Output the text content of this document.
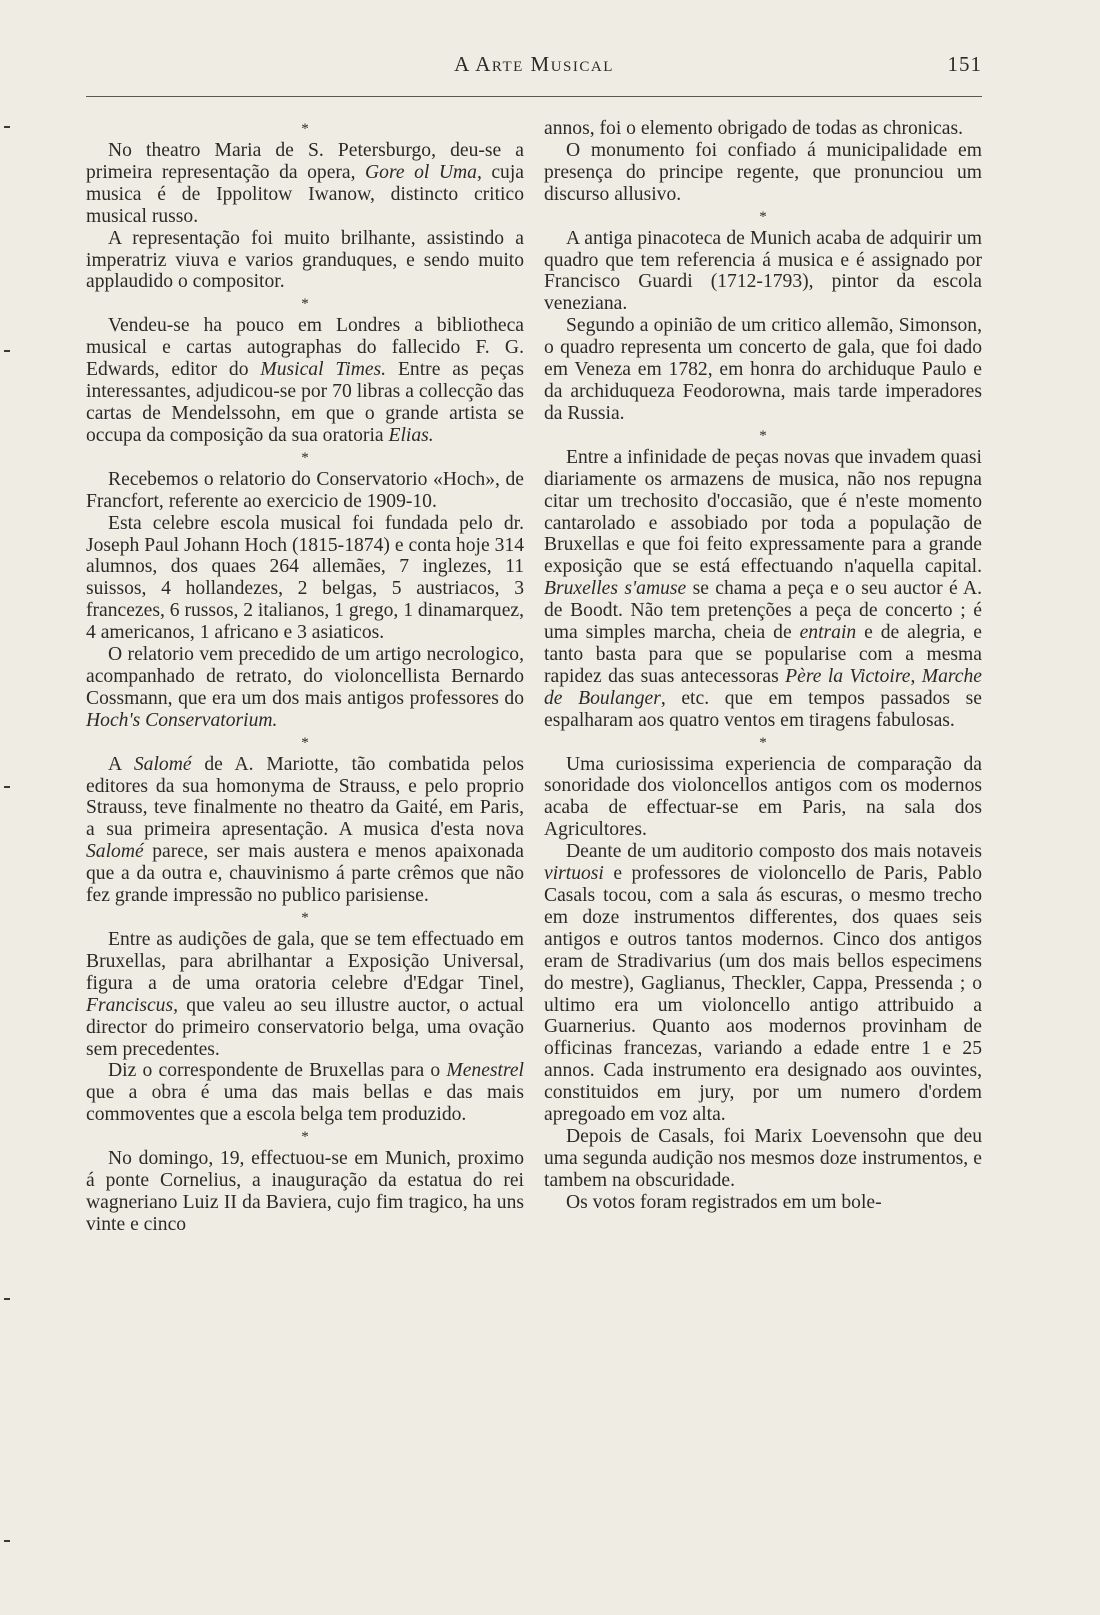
A Arte Musical	151
*

No theatro Maria de S. Petersburgo, deu-se a primeira representação da opera, Gore ol Uma, cuja musica é de Ippolitow Iwanow, distincto critico musical russo.

A representação foi muito brilhante, assistindo a imperatriz viuva e varios granduques, e sendo muito applaudido o compositor.

*

Vendeu-se ha pouco em Londres a bibliotheca musical e cartas autographas do fallecido F. G. Edwards, editor do Musical Times. Entre as peças interessantes, adjudicou-se por 70 libras a collecção das cartas de Mendelssohn, em que o grande artista se occupa da composição da sua oratoria Elias.

*

Recebemos o relatorio do Conservatorio «Hoch», de Francfort, referente ao exercicio de 1909-10.

Esta celebre escola musical foi fundada pelo dr. Joseph Paul Johann Hoch (1815-1874) e conta hoje 314 alumnos, dos quaes 264 allemães, 7 inglezes, 11 suissos, 4 hollandezes, 2 belgas, 5 austriacos, 3 francezes, 6 russos, 2 italianos, 1 grego, 1 dinamarquez, 4 americanos, 1 africano e 3 asiaticos.

O relatorio vem precedido de um artigo necrologico, acompanhado de retrato, do violoncellista Bernardo Cossmann, que era um dos mais antigos professores do Hoch's Conservatorium.

*

A Salomé de A. Mariotte, tão combatida pelos editores da sua homonyma de Strauss, e pelo proprio Strauss, teve finalmente no theatro da Gaité, em Paris, a sua primeira apresentação. A musica d'esta nova Salomé parece, ser mais austera e menos apaixonada que a da outra e, chauvinismo á parte crêmos que não fez grande impressão no publico parisiense.

*

Entre as audições de gala, que se tem effectuado em Bruxellas, para abrilhantar a Exposição Universal, figura a de uma oratoria celebre d'Edgar Tinel, Franciscus, que valeu ao seu illustre auctor, o actual director do primeiro conservatorio belga, uma ovação sem precedentes.

Diz o correspondente de Bruxellas para o Menestrel que a obra é uma das mais bellas e das mais commoventes que a escola belga tem produzido.

*

No domingo, 19, effectuou-se em Munich, proximo á ponte Cornelius, a inauguração da estatua do rei wagneriano Luiz II da Baviera, cujo fim tragico, ha uns vinte e cinco

annos, foi o elemento obrigado de todas as chronicas.

O monumento foi confiado á municipalidade em presença do principe regente, que pronunciou um discurso allusivo.

*

A antiga pinacoteca de Munich acaba de adquirir um quadro que tem referencia á musica e é assignado por Francisco Guardi (1712-1793), pintor da escola veneziana.

Segundo a opinião de um critico allemão, Simonson, o quadro representa um concerto de gala, que foi dado em Veneza em 1782, em honra do archiduque Paulo e da archiduqueza Feodorowna, mais tarde imperadores da Russia.

*

Entre a infinidade de peças novas que invadem quasi diariamente os armazens de musica, não nos repugna citar um trechosito d'occasião, que é n'este momento cantarolado e assobiado por toda a população de Bruxellas e que foi feito expressamente para a grande exposição que se está effectuando n'aquella capital. Bruxelles s'amuse se chama a peça e o seu auctor é A. de Boodt. Não tem pretenções a peça de concerto ; é uma simples marcha, cheia de entrain e de alegria, e tanto basta para que se popularise com a mesma rapidez das suas antecessoras Père la Victoire, Marche de Boulanger, etc. que em tempos passados se espalharam aos quatro ventos em tiragens fabulosas.

*

Uma curiosissima experiencia de comparação da sonoridade dos violoncellos antigos com os modernos acaba de effectuar-se em Paris, na sala dos Agricultores.

Deante de um auditorio composto dos mais notaveis virtuosi e professores de violoncello de Paris, Pablo Casals tocou, com a sala ás escuras, o mesmo trecho em doze instrumentos differentes, dos quaes seis antigos e outros tantos modernos. Cinco dos antigos eram de Stradivarius (um dos mais bellos especimens do mestre), Gaglianus, Theckler, Cappa, Pressenda ; o ultimo era um violoncello antigo attribuido a Guarnerius. Quanto aos modernos provinham de officinas francezas, variando a edade entre 1 e 25 annos. Cada instrumento era designado aos ouvintes, constituidos em jury, por um numero d'ordem apregoado em voz alta.

Depois de Casals, foi Marix Loevensohn que deu uma segunda audição nos mesmos doze instrumentos, e tambem na obscuridade.

Os votos foram registrados em um bole-
